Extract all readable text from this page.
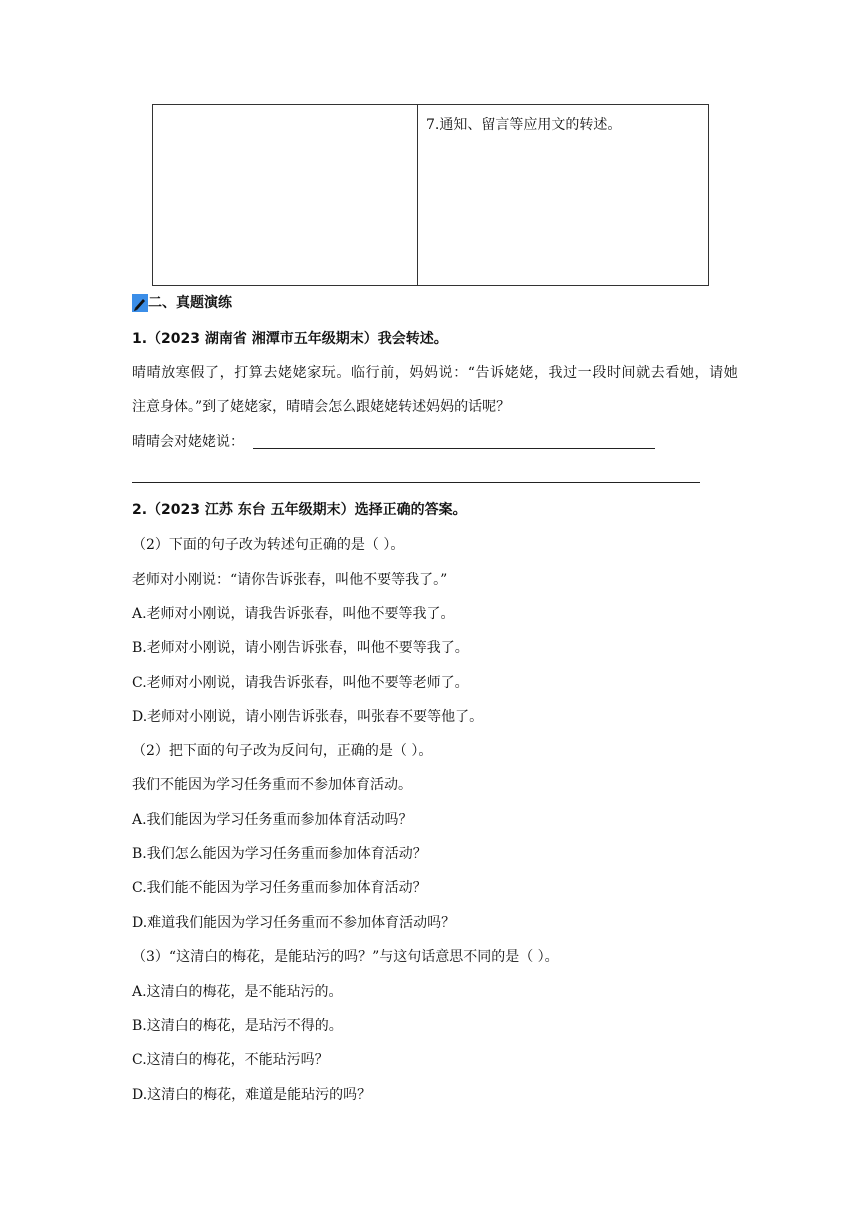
	7.通知、留言等应用文的转述。
二、真题演练
1.（2023 湖南省 湘潭市五年级期末）我会转述。
晴晴放寒假了，打算去姥姥家玩。临行前，妈妈说：“告诉姥姥，我过一段时间就去看她，请她
注意身体。”到了姥姥家，晴晴会怎么跟姥姥转述妈妈的话呢？
晴晴会对姥姥说：
2.（2023 江苏 东台 五年级期末）选择正确的答案。
（2）下面的句子改为转述句正确的是（ ）。
老师对小刚说：“请你告诉张春，叫他不要等我了。”
A.老师对小刚说，请我告诉张春，叫他不要等我了。
B.老师对小刚说，请小刚告诉张春，叫他不要等我了。
C.老师对小刚说，请我告诉张春，叫他不要等老师了。
D.老师对小刚说，请小刚告诉张春，叫张春不要等他了。
（2）把下面的句子改为反问句，正确的是（ ）。
我们不能因为学习任务重而不参加体育活动。
A.我们能因为学习任务重而参加体育活动吗？
B.我们怎么能因为学习任务重而参加体育活动？
C.我们能不能因为学习任务重而参加体育活动？
D.难道我们能因为学习任务重而不参加体育活动吗？
（3）“这清白的梅花，是能玷污的吗？”与这句话意思不同的是（ ）。
A.这清白的梅花，是不能玷污的。
B.这清白的梅花，是玷污不得的。
C.这清白的梅花，不能玷污吗？
D.这清白的梅花，难道是能玷污的吗？
